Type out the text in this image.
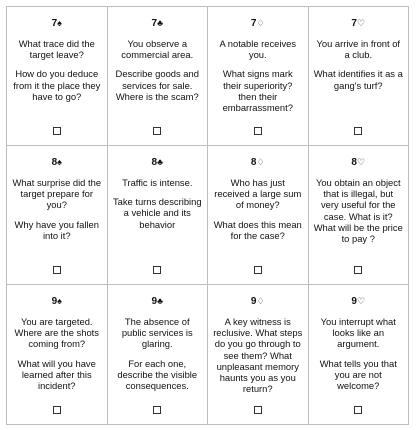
7♠

What trace did the target leave?

How do you deduce from it the place they have to go?

7♣

You observe a commercial area.

Describe goods and services for sale. Where is the scam?

7♢

A notable receives you.

What signs mark their superiority? then their embarrassment?

7♡

You arrive in front of a club.

What identifies it as a gang's turf?

8♠

What surprise did the target prepare for you?

Why have you fallen into it?

8♣

Traffic is intense.

Take turns describing a vehicle and its behavior

8♢

Who has just received a large sum of money?

What does this mean for the case?

8♡

You obtain an object that is illegal, but very useful for the case. What is it? What will be the price to pay ?

9♠

You are targeted. Where are the shots coming from?

What will you have learned after this incident?

9♣

The absence of public services is glaring.

For each one, describe the visible consequences.

9♢

A key witness is reclusive. What steps do you go through to see them? What unpleasant memory haunts you as you return?

9♡

You interrupt what looks like an argument.

What tells you that you are not welcome?
